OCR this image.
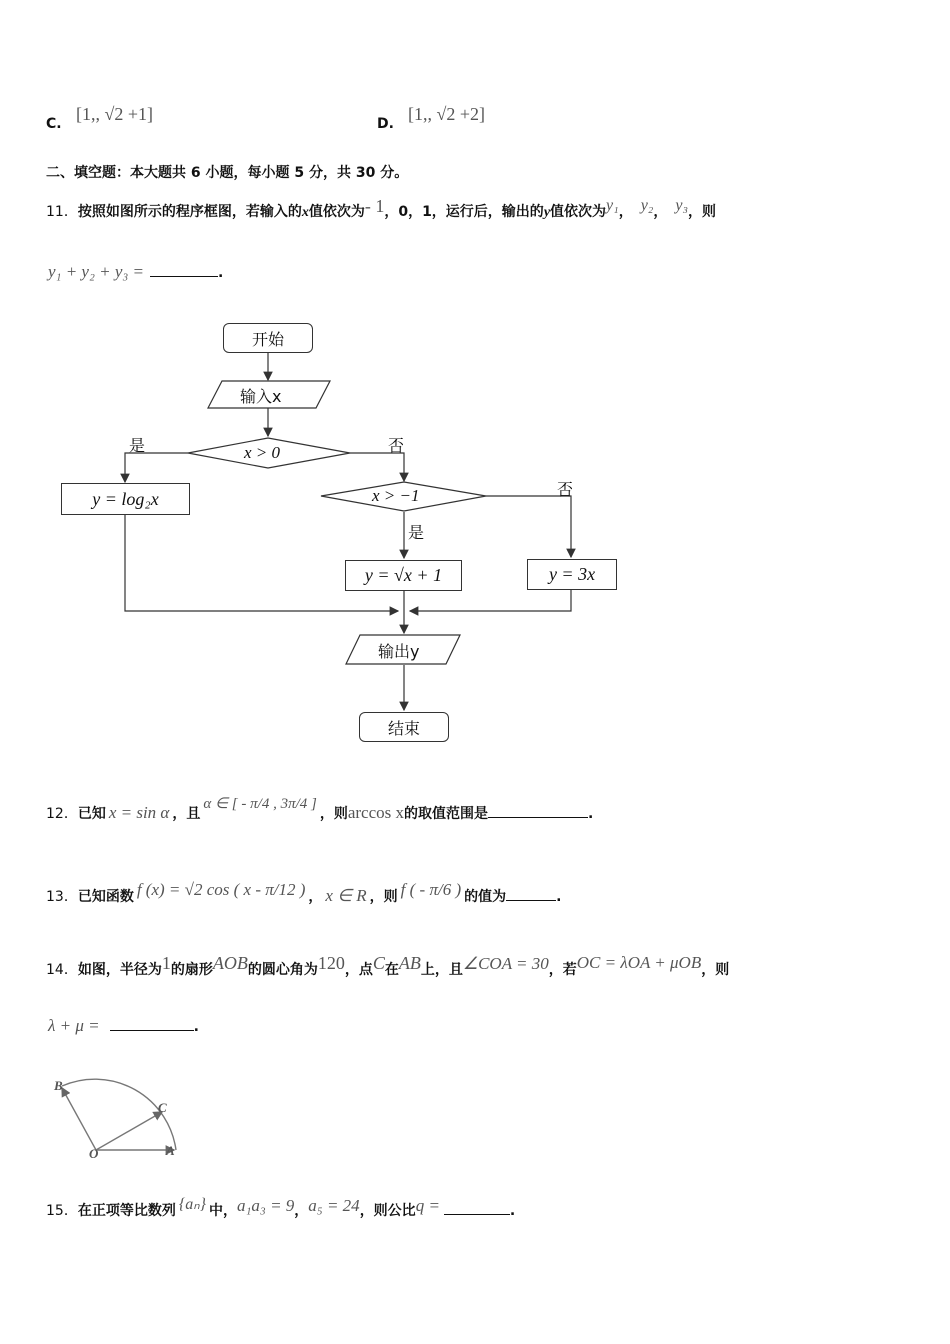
C. [1,, √2 +1]	D. [1,, √2 +2]
二、填空题：本大题共 6 小题，每小题 5 分，共 30 分。
11．按照如图所示的程序框图，若输入的x值依次为- 1，0，1，运行后，输出的y值依次为y₁， y₂， y₃，则
y₁ + y₂ + y₃ =	.
开始
输入x
x > 0
是	否
y = log₂x	x > −1	否
是
y = √x + 1	y = 3x
输出y
结束
12．已知 x = sin α ，且α ∈ [ - π/4 , 3π/4 ]，则arccos x的取值范围是	.
13．已知函数 f (x) = √2 cos ( x - π/12 ) ， x ∈ R ，则 f ( - π/6 ) 的值为	.
14．如图，半径为1的扇形AOB的圆心角为120，点C在AB上，且∠COA = 30，若OC = λOA + μOB，则
λ + μ =	.
B
C
O	A
15．在正项等比数列 {aₙ} 中，a₁a₃ = 9，a₅ = 24，则公比q =	.
